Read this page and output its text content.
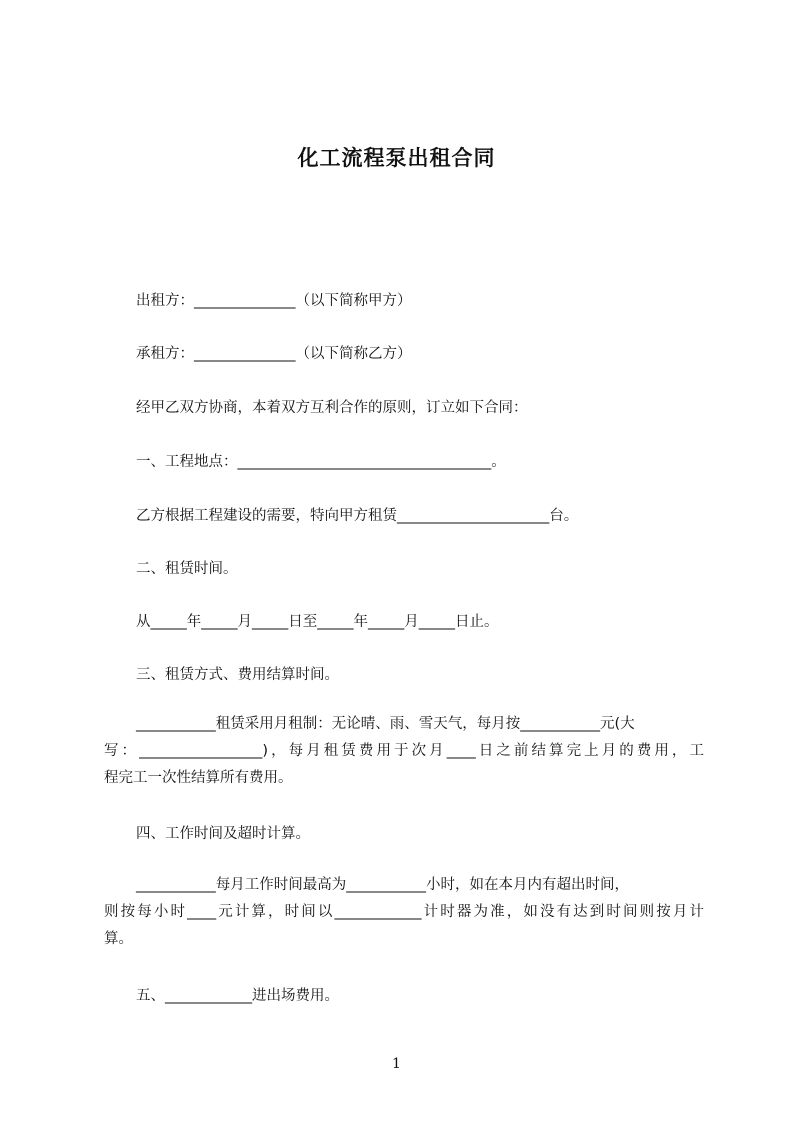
化工流程泵出租合同
出租方：______________（以下简称甲方）
承租方：______________（以下简称乙方）
经甲乙双方协商，本着双方互利合作的原则，订立如下合同：
一、工程地点：___________________________________。
乙方根据工程建设的需要，特向甲方租赁_____________________台。
二、租赁时间。
从_____年_____月_____日至_____年_____月_____日止。
三、租赁方式、费用结算时间。
___________租赁采用月租制：无论晴、雨、雪天气，每月按___________元(大
写：_________________)，每月租赁费用于次月____日之前结算完上月的费用，工
程完工一次性结算所有费用。
四、工作时间及超时计算。
___________每月工作时间最高为___________小时，如在本月内有超出时间，
则按每小时____元计算，时间以____________计时器为准，如没有达到时间则按月计
算。
五、____________进出场费用。
1
